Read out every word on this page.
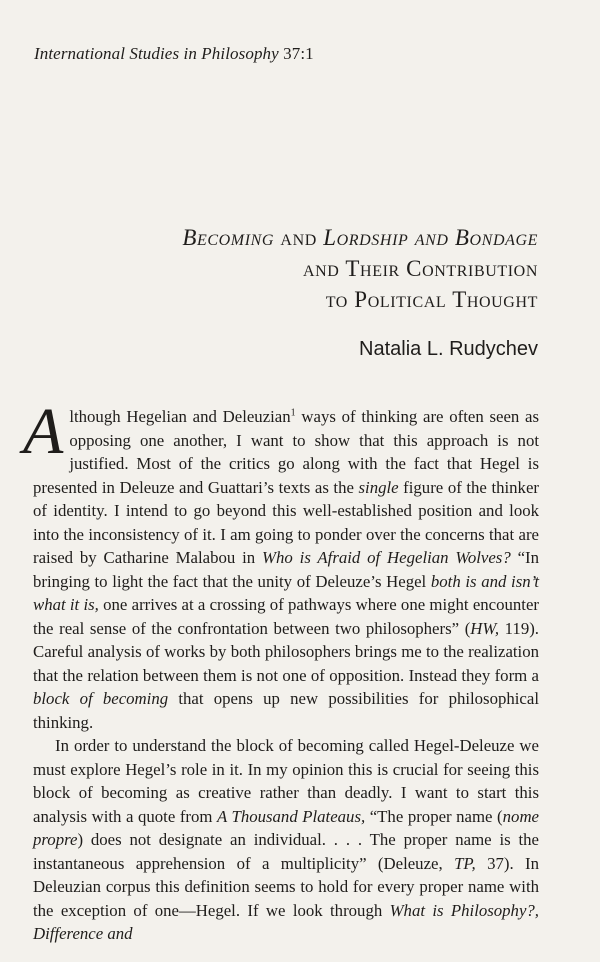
International Studies in Philosophy 37:1
Becoming and Lordship and Bondage
and Their Contribution
to Political Thought
Natalia L. Rudychev

Although Hegelian and Deleuzian$^1$ ways of thinking are often seen as opposing one another, I want to show that this approach is not justified. Most of the critics go along with the fact that Hegel is presented in Deleuze and Guattari’s texts as the single figure of the thinker of identity. I intend to go beyond this well-established position and look into the inconsistency of it. I am going to ponder over the concerns that are raised by Catharine Malabou in Who is Afraid of Hegelian Wolves? “In bringing to light the fact that the unity of Deleuze’s Hegel both is and isn’t what it is, one arrives at a crossing of pathways where one might encounter the real sense of the confrontation between two philosophers” (HW, 119). Careful analysis of works by both philosophers brings me to the realization that the relation between them is not one of opposition. Instead they form a block of becoming that opens up new possibilities for philosophical thinking.

In order to understand the block of becoming called Hegel-Deleuze we must explore Hegel’s role in it. In my opinion this is crucial for seeing this block of becoming as creative rather than deadly. I want to start this analysis with a quote from A Thousand Plateaus, “The proper name (nome propre) does not designate an individual. . . . The proper name is the instantaneous apprehension of a multiplicity” (Deleuze, TP, 37). In Deleuzian corpus this definition seems to hold for every proper name with the exception of one—Hegel. If we look through What is Philosophy?, Difference and
